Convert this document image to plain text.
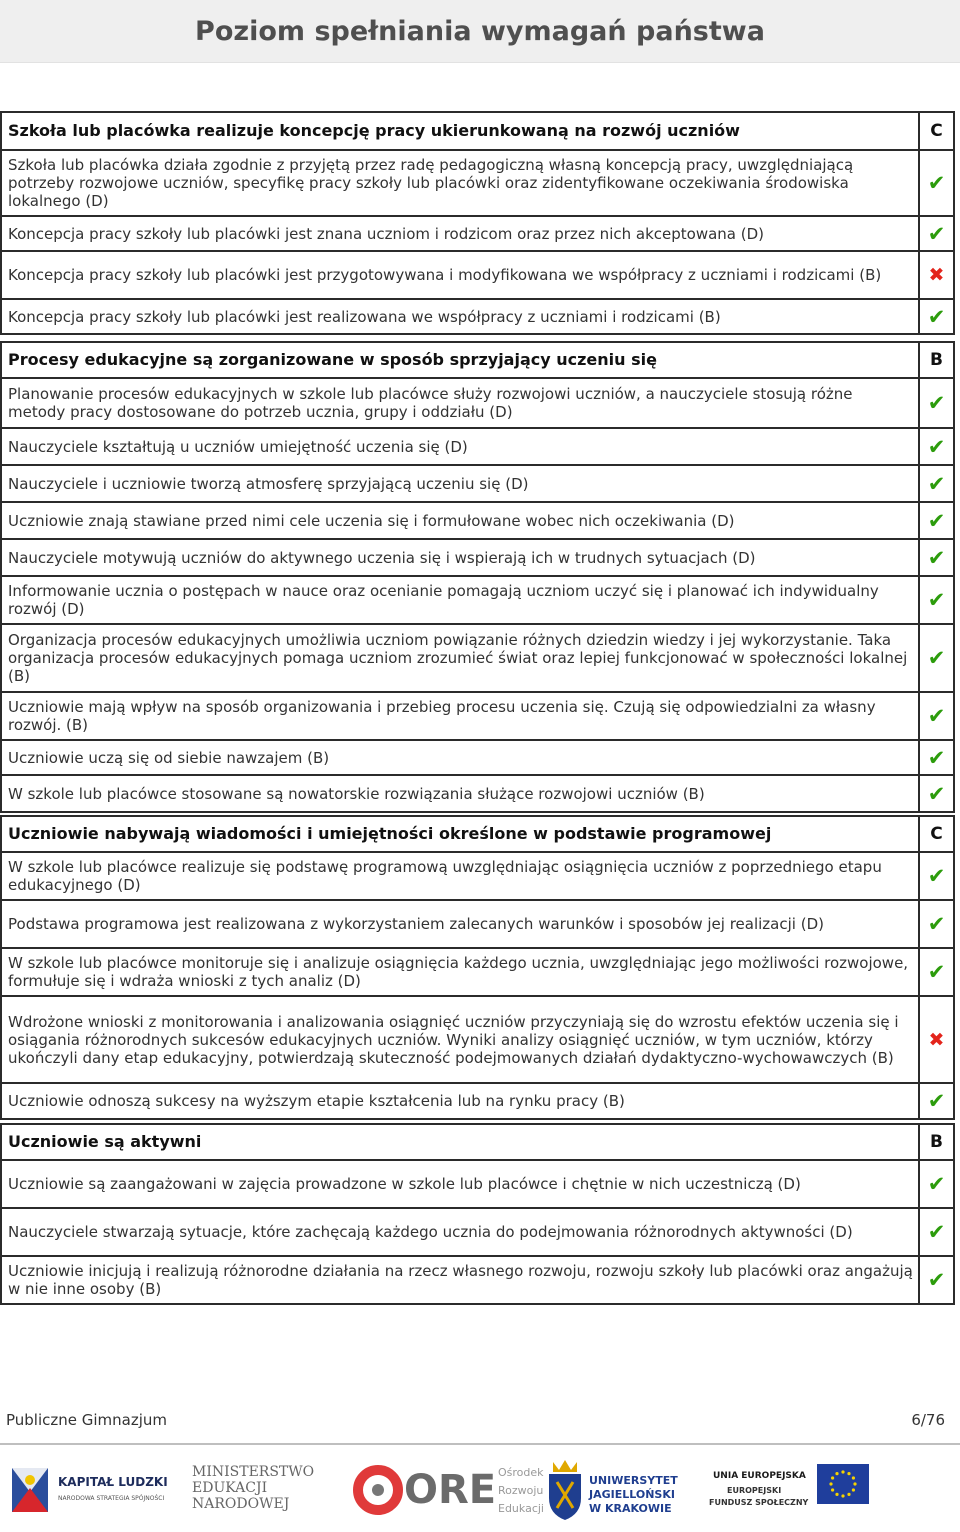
Poziom spełniania wymagań państwa
Szkoła lub placówka realizuje koncepcję pracy ukierunkowaną na rozwój uczniów	C
Szkoła lub placówka działa zgodnie z przyjętą przez radę pedagogiczną własną koncepcją pracy, uwzględniającą potrzeby rozwojowe uczniów, specyfikę pracy szkoły lub placówki oraz zidentyfikowane oczekiwania środowiska lokalnego (D)	✔
Koncepcja pracy szkoły lub placówki jest znana uczniom i rodzicom oraz przez nich akceptowana (D)	✔
Koncepcja pracy szkoły lub placówki jest przygotowywana i modyfikowana we współpracy z uczniami i rodzicami (B)	✖
Koncepcja pracy szkoły lub placówki jest realizowana we współpracy z uczniami i rodzicami (B)	✔
Procesy edukacyjne są zorganizowane w sposób sprzyjający uczeniu się	B
Planowanie procesów edukacyjnych w szkole lub placówce służy rozwojowi uczniów, a nauczyciele stosują różne metody pracy dostosowane do potrzeb ucznia, grupy i oddziału (D)	✔
Nauczyciele kształtują u uczniów umiejętność uczenia się (D)	✔
Nauczyciele i uczniowie tworzą atmosferę sprzyjającą uczeniu się (D)	✔
Uczniowie znają stawiane przed nimi cele uczenia się i formułowane wobec nich oczekiwania (D)	✔
Nauczyciele motywują uczniów do aktywnego uczenia się i wspierają ich w trudnych sytuacjach (D)	✔
Informowanie ucznia o postępach w nauce oraz ocenianie pomagają uczniom uczyć się i planować ich indywidualny rozwój (D)	✔
Organizacja procesów edukacyjnych umożliwia uczniom powiązanie różnych dziedzin wiedzy i jej wykorzystanie. Taka organizacja procesów edukacyjnych pomaga uczniom zrozumieć świat oraz lepiej funkcjonować w społeczności lokalnej (B)	✔
Uczniowie mają wpływ na sposób organizowania i przebieg procesu uczenia się. Czują się odpowiedzialni za własny rozwój. (B)	✔
Uczniowie uczą się od siebie nawzajem (B)	✔
W szkole lub placówce stosowane są nowatorskie rozwiązania służące rozwojowi uczniów (B)	✔
Uczniowie nabywają wiadomości i umiejętności określone w podstawie programowej	C
W szkole lub placówce realizuje się podstawę programową uwzględniając osiągnięcia uczniów z poprzedniego etapu edukacyjnego (D)	✔
Podstawa programowa jest realizowana z wykorzystaniem zalecanych warunków i sposobów jej realizacji (D)	✔
W szkole lub placówce monitoruje się i analizuje osiągnięcia każdego ucznia, uwzględniając jego możliwości rozwojowe, formułuje się i wdraża wnioski z tych analiz (D)	✔
Wdrożone wnioski z monitorowania i analizowania osiągnięć uczniów przyczyniają się do wzrostu efektów uczenia się i osiągania różnorodnych sukcesów edukacyjnych uczniów. Wyniki analizy osiągnięć uczniów, w tym uczniów, którzy ukończyli dany etap edukacyjny, potwierdzają skuteczność podejmowanych działań dydaktyczno-wychowawczych (B)	✖
Uczniowie odnoszą sukcesy na wyższym etapie kształcenia lub na rynku pracy (B)	✔
Uczniowie są aktywni	B
Uczniowie są zaangażowani w zajęcia prowadzone w szkole lub placówce i chętnie w nich uczestniczą (D)	✔
Nauczyciele stwarzają sytuacje, które zachęcają każdego ucznia do podejmowania różnorodnych aktywności (D)	✔
Uczniowie inicjują i realizują różnorodne działania na rzecz własnego rozwoju, rozwoju szkoły lub placówki oraz angażują w nie inne osoby (B)	✔
Publiczne Gimnazjum	6/76
KAPITAŁ LUDZKI
NARODOWA STRATEGIA SPÓJNOŚCI
MINISTERSTWO
EDUKACJI
NARODOWEJ	ORE Ośrodek
Rozwoju
Edukacji
UNIWERSYTET
JAGIELLOŃSKI
W KRAKOWIE
UNIA EUROPEJSKA
EUROPEJSKI
FUNDUSZ SPOŁECZNY
